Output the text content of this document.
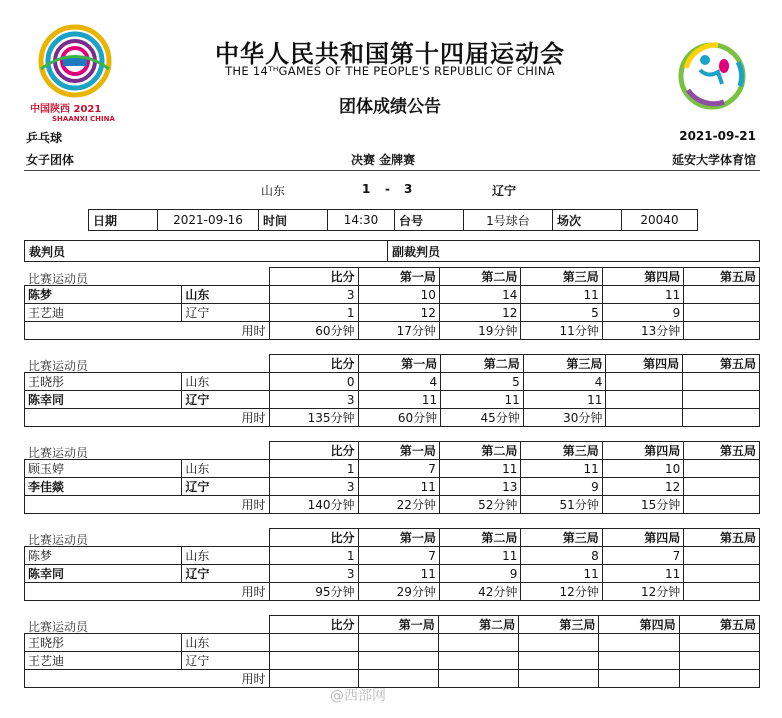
中国陕西 2021
SHAANXI CHINA
中华人民共和国第十四届运动会
THE 14ᵀᴴGAMES OF THE PEOPLE'S REPUBLIC OF CHINA
团体成绩公告
乒乓球	2021-09-21
女子团体	决赛 金牌赛	延安大学体育馆
山东	1 - 3	辽宁
日期	2021-09-16	时间	14:30	台号	1号球台	场次	20040
裁判员	副裁判员
比赛运动员
		比分	第一局	第二局	第三局	第四局	第五局
陈梦	山东	3	10	14	11	11	
王艺迪	辽宁	1	12	12	5	9	
用时		60分钟	17分钟	19分钟	11分钟	13分钟	
比赛运动员
		比分	第一局	第二局	第三局	第四局	第五局
王晓彤	山东	0	4	5	4		
陈幸同	辽宁	3	11	11	11		
用时		135分钟	60分钟	45分钟	30分钟		
比赛运动员
		比分	第一局	第二局	第三局	第四局	第五局
顾玉婷	山东	1	7	11	11	10	
李佳燚	辽宁	3	11	13	9	12	
用时		140分钟	22分钟	52分钟	51分钟	15分钟	
比赛运动员
		比分	第一局	第二局	第三局	第四局	第五局
陈梦	山东	1	7	11	8	7	
陈幸同	辽宁	3	11	9	11	11	
用时		95分钟	29分钟	42分钟	12分钟	12分钟	
比赛运动员
		比分	第一局	第二局	第三局	第四局	第五局
王晓彤	山东						
王艺迪	辽宁						
用时							
@西部网
